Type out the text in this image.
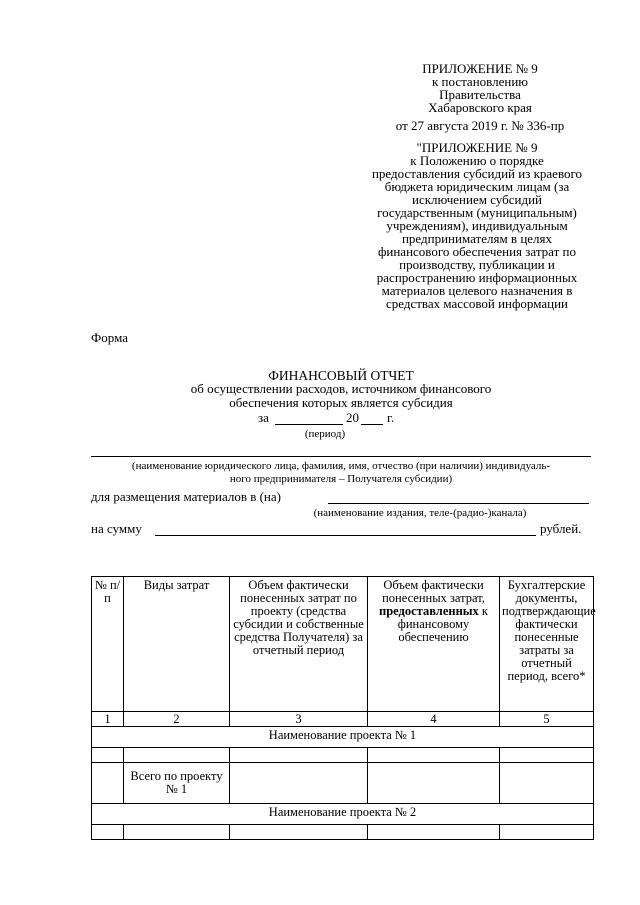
ПРИЛОЖЕНИЕ № 9
к постановлению
Правительства
Хабаровского края
от 27 августа 2019 г. № 336-пр
"ПРИЛОЖЕНИЕ № 9
к Положению о порядке
предоставления субсидий из краевого
бюджета юридическим лицам (за
исключением субсидий
государственным (муниципальным)
учреждениям), индивидуальным
предпринимателям в целях
финансового обеспечения затрат по
производству, публикации и
распространению информационных
материалов целевого назначения в
средствах массовой информации
Форма
ФИНАНСОВЫЙ ОТЧЕТ
об осуществлении расходов, источником финансового
обеспечения которых является субсидия
за	20 г.
(период)
(наименование юридического лица, фамилия, имя, отчество (при наличии) индивидуаль-
ного предпринимателя – Получателя субсидии)
для размещения материалов в (на)
(наименование издания, теле-(радио-)канала)
на сумму	рублей.
№ п/п	Виды затрат	Объем фактически понесенных затрат по проекту (средства субсидии и собственные средства Получателя) за отчетный период	Объем фактически понесенных затрат, предоставленных к финансовому обеспечению	Бухгалтерские документы, подтверждающие фактически понесенные затраты за отчетный период, всего*
1	2	3	4	5
Наименование проекта № 1				

	Всего по проекту № 1			
Наименование проекта № 2				
